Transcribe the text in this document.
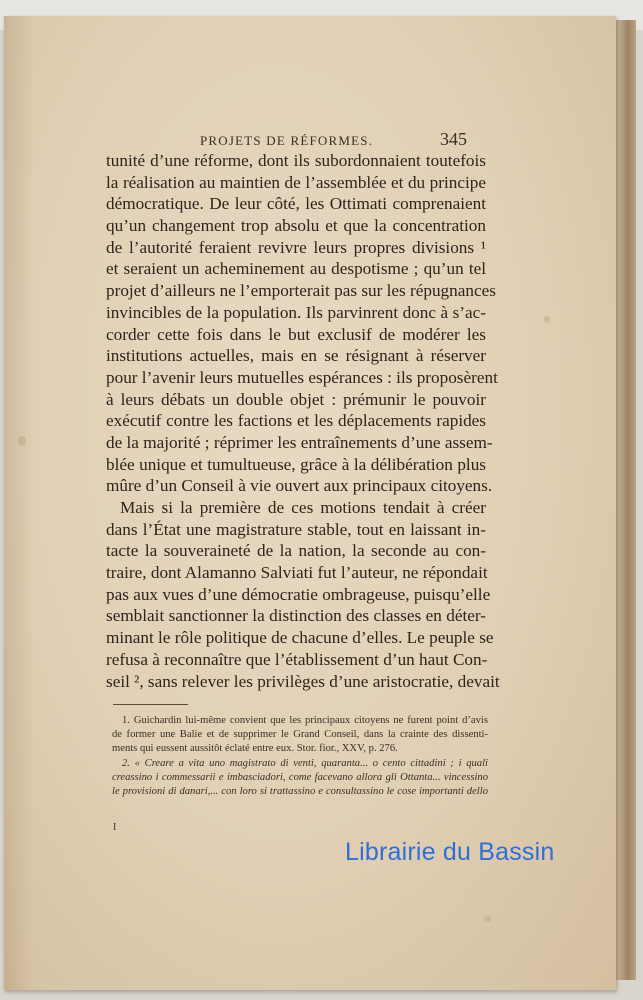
PROJETS DE RÉFORMES.	345
tunité d’une réforme, dont ils subordonnaient toutefois
la réalisation au maintien de l’assemblée et du principe
démocratique. De leur côté, les Ottimati comprenaient
qu’un changement trop absolu et que la concentration
de l’autorité feraient revivre leurs propres divisions ¹
et seraient un acheminement au despotisme ; qu’un tel
projet d’ailleurs ne l’emporterait pas sur les répugnances
invincibles de la population. Ils parvinrent donc à s’ac-
corder cette fois dans le but exclusif de modérer les
institutions actuelles, mais en se résignant à réserver
pour l’avenir leurs mutuelles espérances : ils proposèrent
à leurs débats un double objet : prémunir le pouvoir
exécutif contre les factions et les déplacements rapides
de la majorité ; réprimer les entraînements d’une assem-
blée unique et tumultueuse, grâce à la délibération plus
mûre d’un Conseil à vie ouvert aux principaux citoyens.
Mais si la première de ces motions tendait à créer
dans l’État une magistrature stable, tout en laissant in-
tacte la souveraineté de la nation, la seconde au con-
traire, dont Alamanno Salviati fut l’auteur, ne répondait
pas aux vues d’une démocratie ombrageuse, puisqu’elle
semblait sanctionner la distinction des classes en déter-
minant le rôle politique de chacune d’elles. Le peuple se
refusa à reconnaître que l’établissement d’un haut Con-
seil ², sans relever les privilèges d’une aristocratie, devait
1. Guichardin lui-même convient que les principaux citoyens ne furent point d’avis
de former une Balie et de supprimer le Grand Conseil, dans la crainte des dissenti-
ments qui eussent aussitôt éclaté entre eux. Stor. fior., XXV, p. 276.
2. « Creare a vita uno magistrato di venti, quaranta... o cento cittadini ; i quali
creassino i commessarii e imbasciadori, come facevano allora gli Ottanta... vincessino
le provisioni di danari,... con loro si trattassino e consultassino le cose importanti dello
I
Librairie du Bassin
